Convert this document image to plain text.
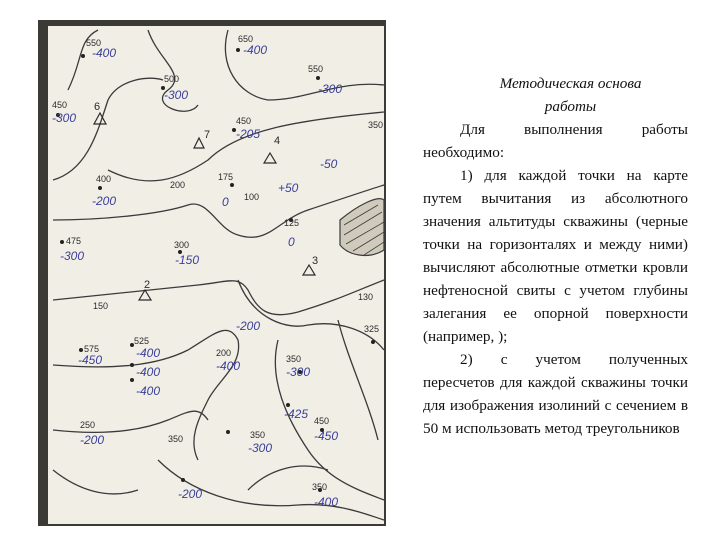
550	650
550
500
450
450	350
400
200
175
125
100
300
475
150
130
525
575
325
350
250
350
450
350
200
350
-400	-400
-300
-300
-300
-205
-50
+50
0
0
-200
-300	-150
-200
-450	-400
-400
-400
-300
-400
-425
-200
-300
-450
-200
-400
6
7	4
3
2

Методическая основа

работы

Для выполнения работы необходимо:

1) для каждой точки на карте путем вычитания из абсолютного значения альтитуды скважины (черные точки на горизонталях и между ними) вычисляют абсолютные отметки кровли нефтеносной свиты с учетом глубины залегания ее опорной поверхности (например, );

2) с учетом полученных пересчетов для каждой скважины точки для изображения изолиний с сечением в 50 м использовать метод треугольников
